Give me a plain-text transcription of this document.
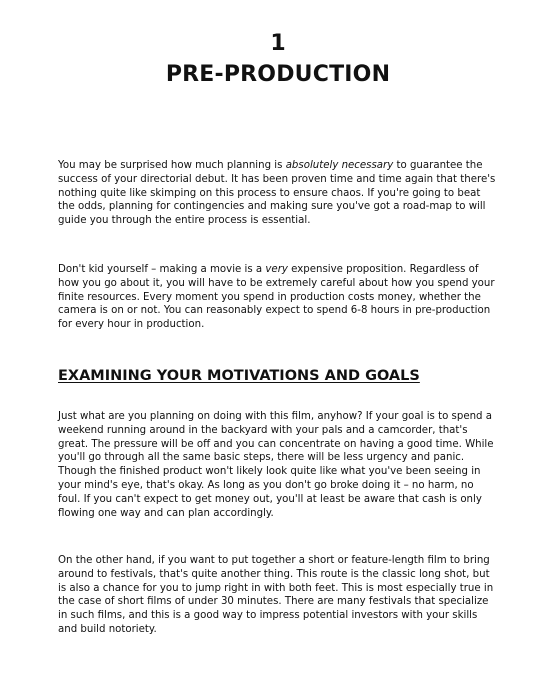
1
PRE-PRODUCTION

You may be surprised how much planning is absolutely necessary to guarantee the success of your directorial debut. It has been proven time and time again that there's nothing quite like skimping on this process to ensure chaos. If you're going to beat the odds, planning for contingencies and making sure you've got a road-map to will guide you through the entire process is essential.

Don't kid yourself – making a movie is a very expensive proposition. Regardless of how you go about it, you will have to be extremely careful about how you spend your finite resources. Every moment you spend in production costs money, whether the camera is on or not. You can reasonably expect to spend 6-8 hours in pre-production for every hour in production.

EXAMINING YOUR MOTIVATIONS AND GOALS

Just what are you planning on doing with this film, anyhow? If your goal is to spend a weekend running around in the backyard with your pals and a camcorder, that's great. The pressure will be off and you can concentrate on having a good time. While you'll go through all the same basic steps, there will be less urgency and panic. Though the finished product won't likely look quite like what you've been seeing in your mind's eye, that's okay. As long as you don't go broke doing it – no harm, no foul. If you can't expect to get money out, you'll at least be aware that cash is only flowing one way and can plan accordingly.

On the other hand, if you want to put together a short or feature-length film to bring around to festivals, that's quite another thing. This route is the classic long shot, but is also a chance for you to jump right in with both feet. This is most especially true in the case of short films of under 30 minutes. There are many festivals that specialize in such films, and this is a good way to impress potential investors with your skills and build notoriety.
